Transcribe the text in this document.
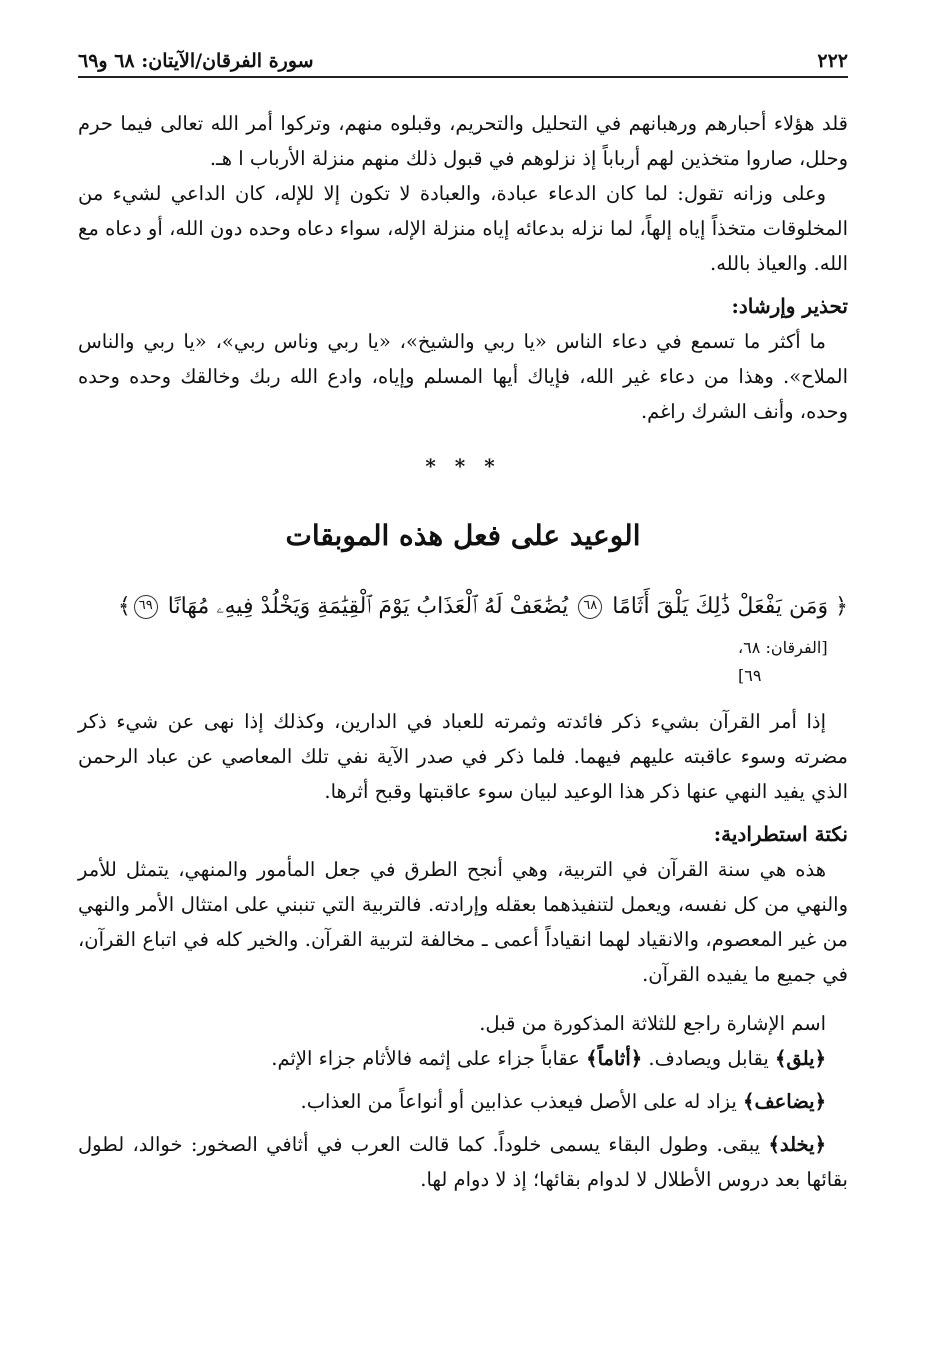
٢٢٢
سورة الفرقان/الآيتان: ٦٨ و٦٩

قلد هؤلاء أحبارهم ورهبانهم في التحليل والتحريم، وقبلوه منهم، وتركوا أمر الله تعالى فيما حرم وحلل، صاروا متخذين لهم أرباباً إذ نزلوهم في قبول ذلك منهم منزلة الأرباب ا هـ.

وعلى وزانه تقول: لما كان الدعاء عبادة، والعبادة لا تكون إلا للإله، كان الداعي لشيء من المخلوقات متخذاً إياه إلهاً، لما نزله بدعائه إياه منزلة الإله، سواء دعاه وحده دون الله، أو دعاه مع الله. والعياذ بالله.

تحذير وإرشاد:

ما أكثر ما تسمع في دعاء الناس «يا ربي والشيخ»، «يا ربي وناس ربي»، «يا ربي والناس الملاح». وهذا من دعاء غير الله، فإياك أيها المسلم وإياه، وادع الله ربك وخالقك وحده وحده وحده، وأنف الشرك راغم.

* * *
الوعيد على فعل هذه الموبقات
﴿ وَمَن يَفْعَلْ ذَٰلِكَ يَلْقَ أَثَامًا ٦٨ يُضَٰعَفْ لَهُ ٱلْعَذَابُ يَوْمَ ٱلْقِيَٰمَةِ وَيَخْلُدْ فِيهِۦ مُهَانًا ٦٩﴾
[الفرقان: ٦٨، ٦٩]

إذا أمر القرآن بشيء ذكر فائدته وثمرته للعباد في الدارين، وكذلك إذا نهى عن شيء ذكر مضرته وسوء عاقبته عليهم فيهما. فلما ذكر في صدر الآية نفي تلك المعاصي عن عباد الرحمن الذي يفيد النهي عنها ذكر هذا الوعيد لبيان سوء عاقبتها وقبح أثرها.

نكتة استطرادية:

هذه هي سنة القرآن في التربية، وهي أنجح الطرق في جعل المأمور والمنهي، يتمثل للأمر والنهي من كل نفسه، ويعمل لتنفيذهما بعقله وإرادته. فالتربية التي تنبني على امتثال الأمر والنهي من غير المعصوم، والانقياد لهما انقياداً أعمى ـ مخالفة لتربية القرآن. والخير كله في اتباع القرآن، في جميع ما يفيده القرآن.

اسم الإشارة راجع للثلاثة المذكورة من قبل.

﴿يلق﴾ يقابل ويصادف. ﴿أثاماً﴾ عقاباً جزاء على إثمه فالأثام جزاء الإثم.

﴿يضاعف﴾ يزاد له على الأصل فيعذب عذابين أو أنواعاً من العذاب.

﴿يخلد﴾ يبقى. وطول البقاء يسمى خلوداً. كما قالت العرب في أثافي الصخور: خوالد، لطول بقائها بعد دروس الأطلال لا لدوام بقائها؛ إذ لا دوام لها.
